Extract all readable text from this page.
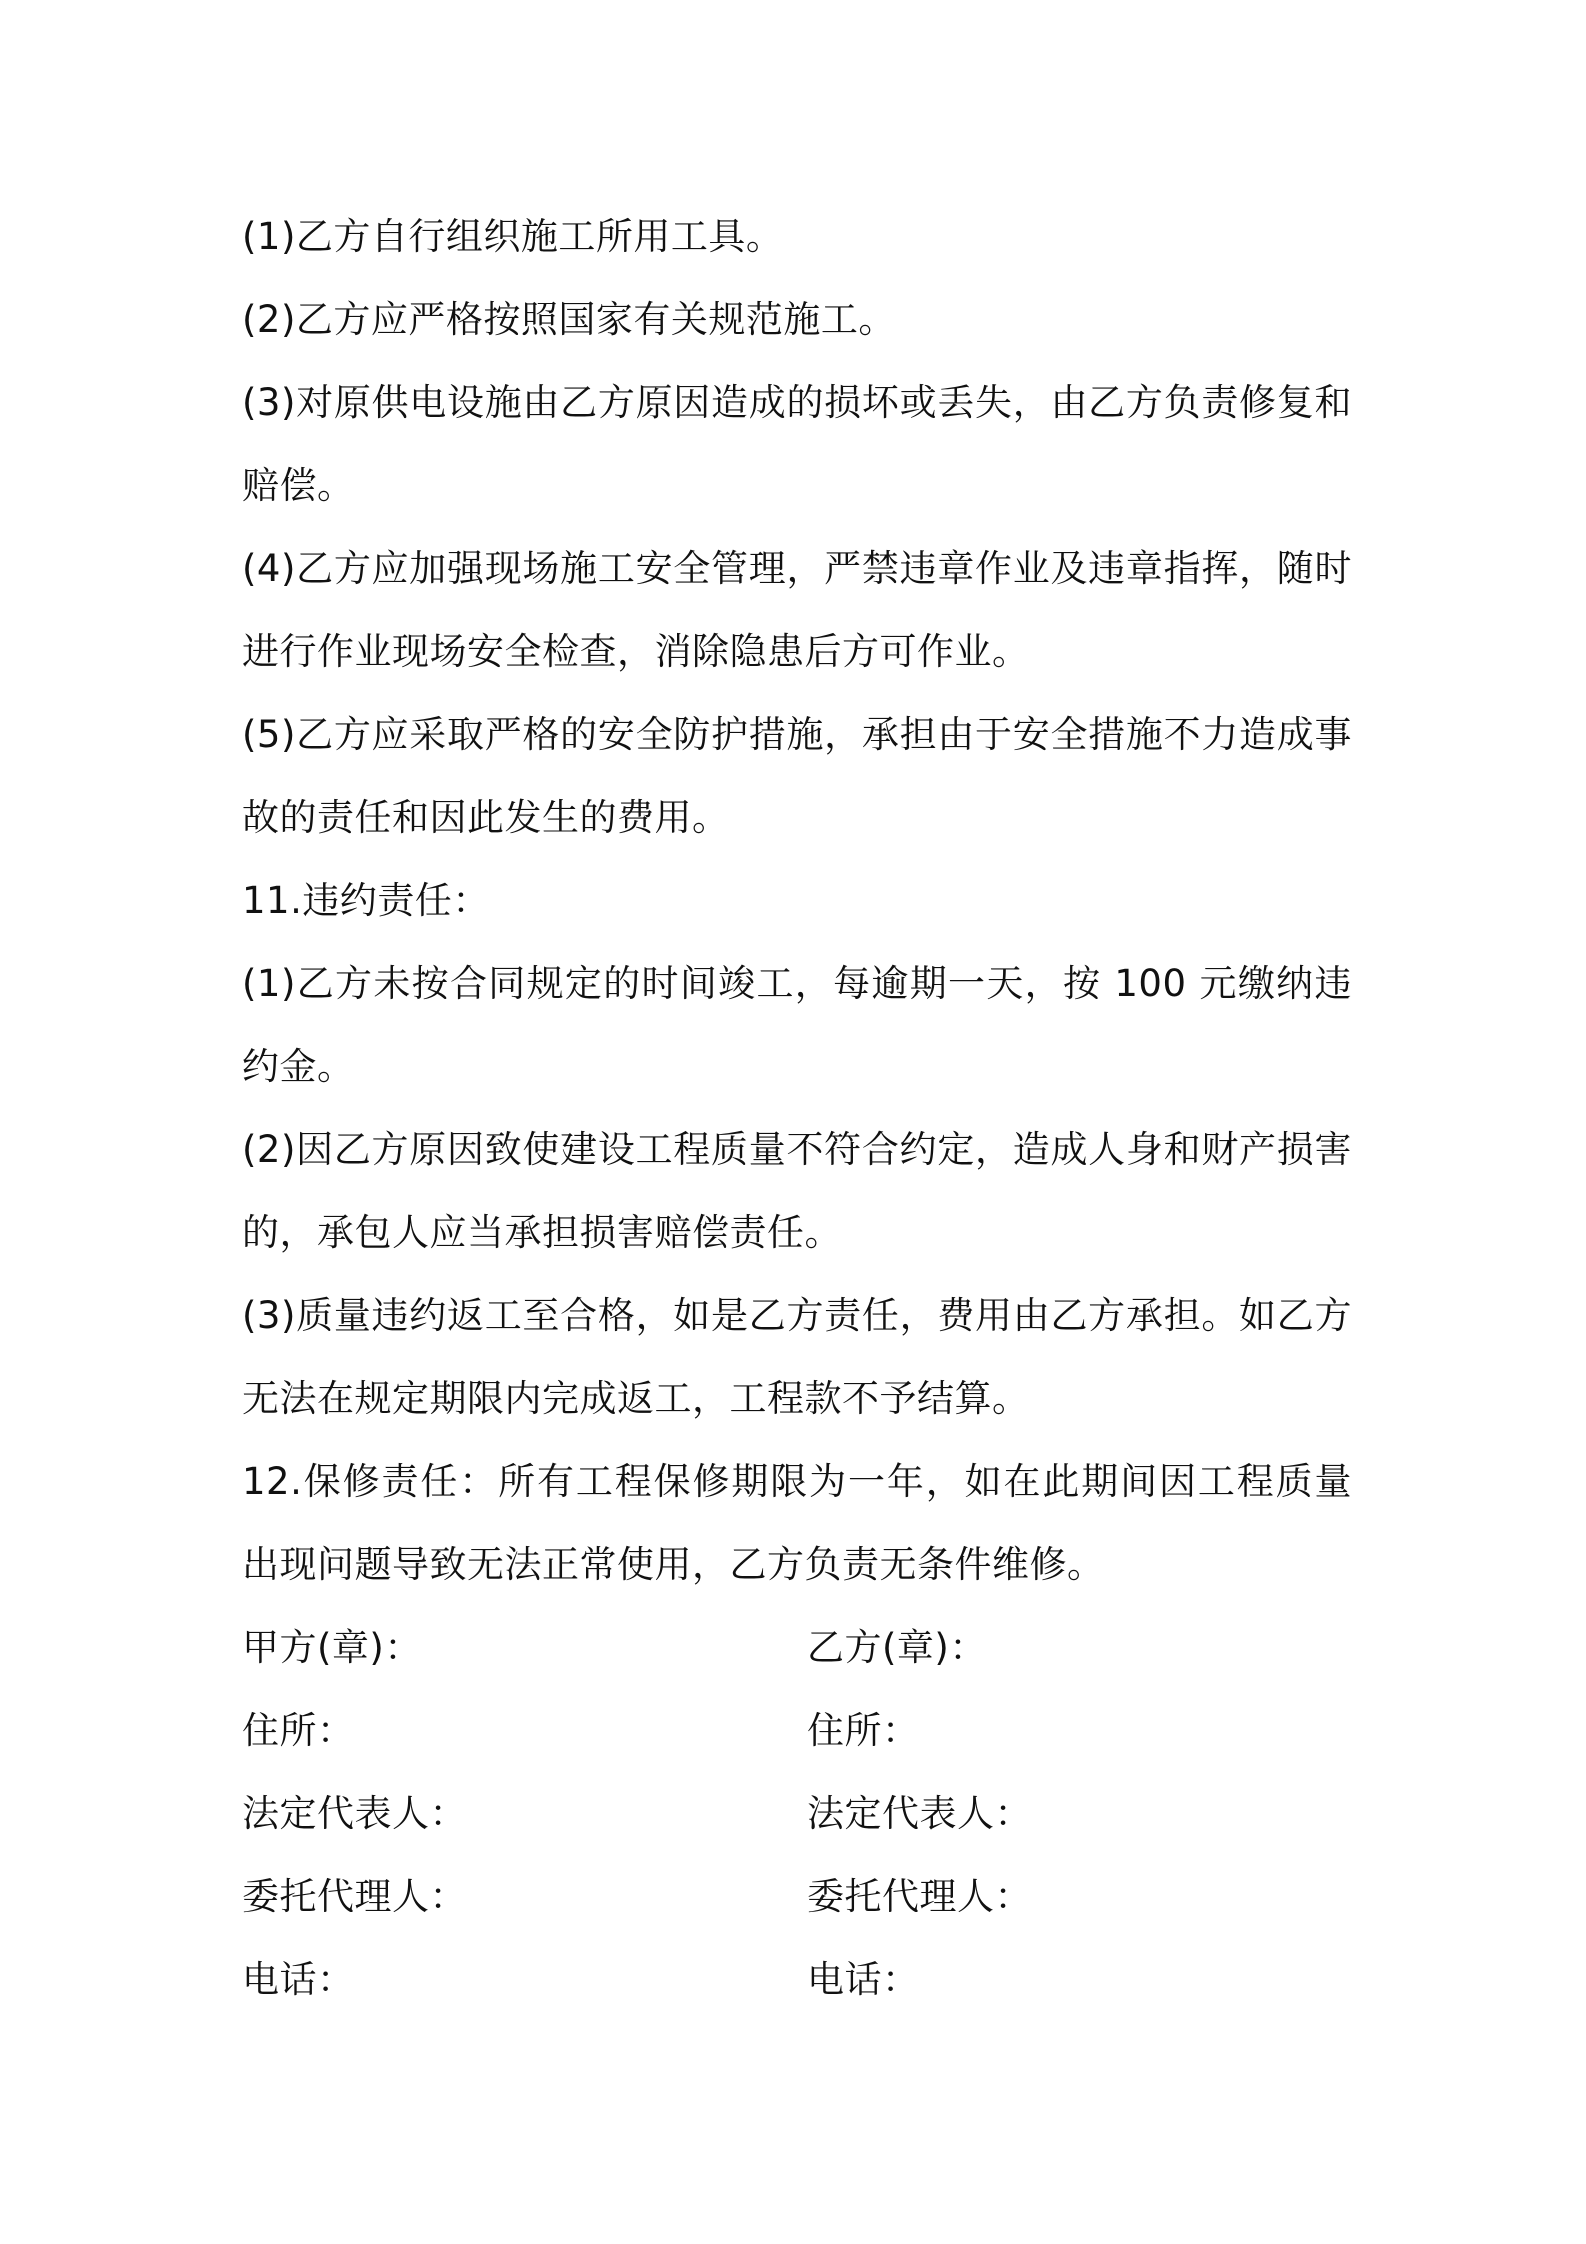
(1)乙方自行组织施工所用工具。

(2)乙方应严格按照国家有关规范施工。

(3)对原供电设施由乙方原因造成的损坏或丢失，由乙方负责修复和赔偿。

(4)乙方应加强现场施工安全管理，严禁违章作业及违章指挥，随时进行作业现场安全检查，消除隐患后方可作业。

(5)乙方应采取严格的安全防护措施，承担由于安全措施不力造成事故的责任和因此发生的费用。

11.违约责任：

(1)乙方未按合同规定的时间竣工，每逾期一天，按 100 元缴纳违约金。

(2)因乙方原因致使建设工程质量不符合约定，造成人身和财产损害的，承包人应当承担损害赔偿责任。

(3)质量违约返工至合格，如是乙方责任，费用由乙方承担。如乙方无法在规定期限内完成返工，工程款不予结算。

12.保修责任：所有工程保修期限为一年，如在此期间因工程质量出现问题导致无法正常使用，乙方负责无条件维修。

甲方(章)：	乙方(章)：
住所：	住所：
法定代表人：	法定代表人：
委托代理人：	委托代理人：
电话：	电话：
